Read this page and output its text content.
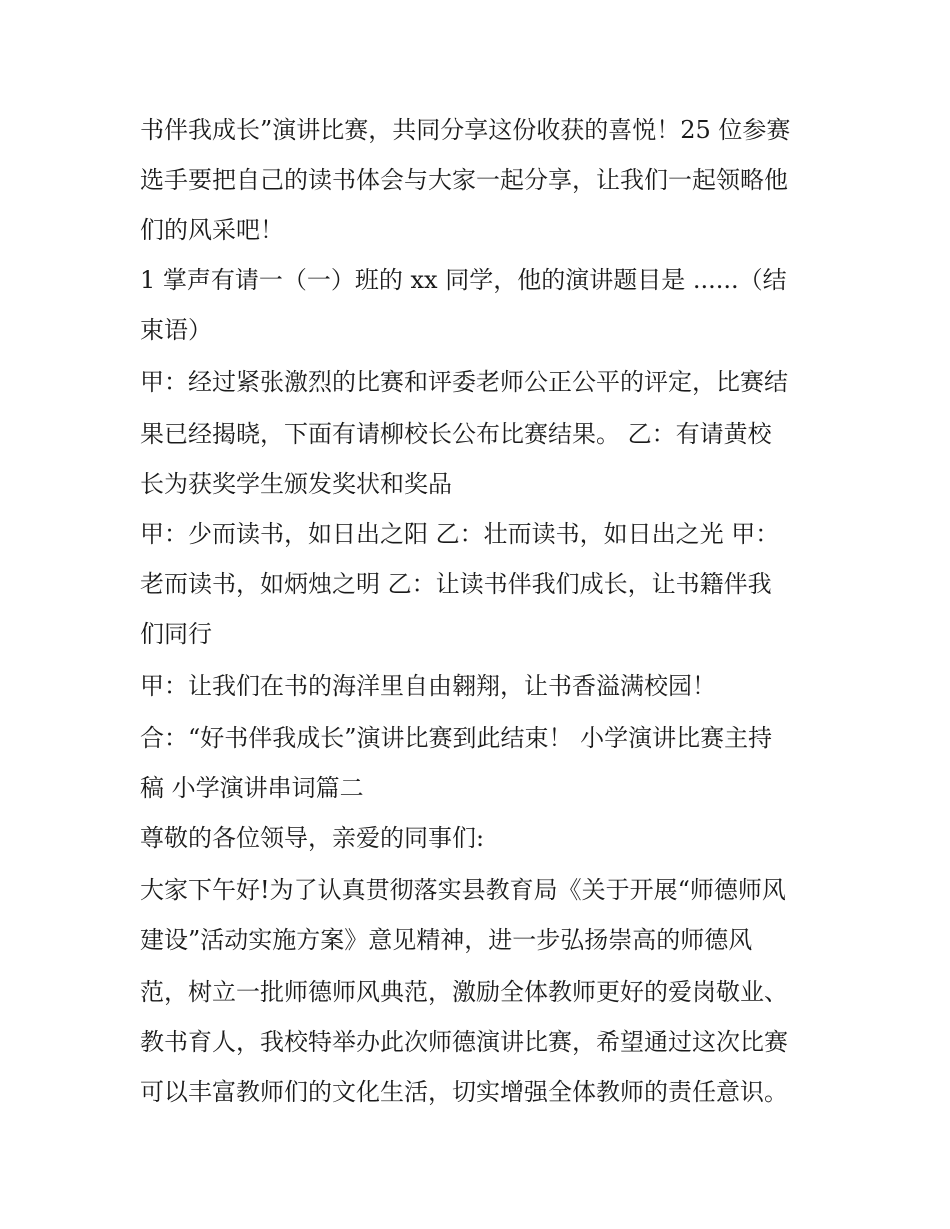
书伴我成长”演讲比赛，共同分享这份收获的喜悦！25 位参赛
选手要把自己的读书体会与大家一起分享，让我们一起领略他
们的风采吧！
1 掌声有请一（一）班的 xx 同学，他的演讲题目是 ......（结
束语）
甲：经过紧张激烈的比赛和评委老师公正公平的评定，比赛结
果已经揭晓，下面有请柳校长公布比赛结果。 乙：有请黄校
长为获奖学生颁发奖状和奖品
甲：少而读书，如日出之阳 乙：壮而读书，如日出之光 甲：
老而读书，如炳烛之明 乙：让读书伴我们成长，让书籍伴我
们同行
甲：让我们在书的海洋里自由翱翔，让书香溢满校园！
合：“好书伴我成长”演讲比赛到此结束！ 小学演讲比赛主持
稿 小学演讲串词篇二
尊敬的各位领导，亲爱的同事们:
大家下午好!为了认真贯彻落实县教育局《关于开展“师德师风
建设”活动实施方案》意见精神，进一步弘扬崇高的师德风
范，树立一批师德师风典范，激励全体教师更好的爱岗敬业、
教书育人，我校特举办此次师德演讲比赛，希望通过这次比赛
可以丰富教师们的文化生活，切实增强全体教师的责任意识。
